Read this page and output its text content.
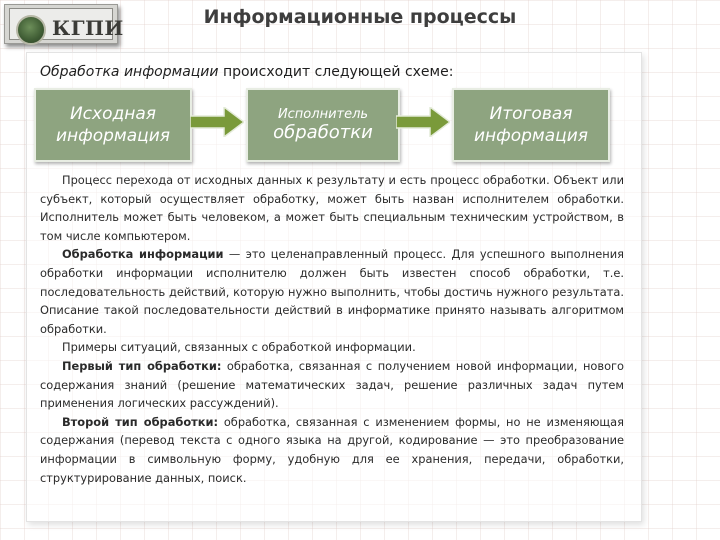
КГПИ	Информационные процессы
Обработка информации происходит следующей схеме:
Исходная информация
Исполнитель
обработки
Итоговая информация

Процесс перехода от исходных данных к результату и есть процесс обработки. Объект или субъект, который осуществляет обработку, может быть назван исполнителем обработки. Исполнитель может быть человеком, а может быть специальным техническим устройством, в том числе компьютером.

Обработка информации — это целенаправленный процесс. Для успешного выполнения обработки информации исполнителю должен быть известен способ обработки, т.е. последовательность действий, которую нужно выполнить, чтобы достичь нужного результата. Описание такой последовательности действий в информатике принято называть алгоритмом обработки.

Примеры ситуаций, связанных с обработкой информации.

Первый тип обработки: обработка, связанная с получением новой информации, нового содержания знаний (решение математических задач, решение различных задач путем применения логических рассуждений).

Второй тип обработки: обработка, связанная с изменением формы, но не изменяющая содержания (перевод текста с одного языка на другой, кодирование — это преобразование информации в символьную форму, удобную для ее хранения, передачи, обработки, структурирование данных, поиск.
